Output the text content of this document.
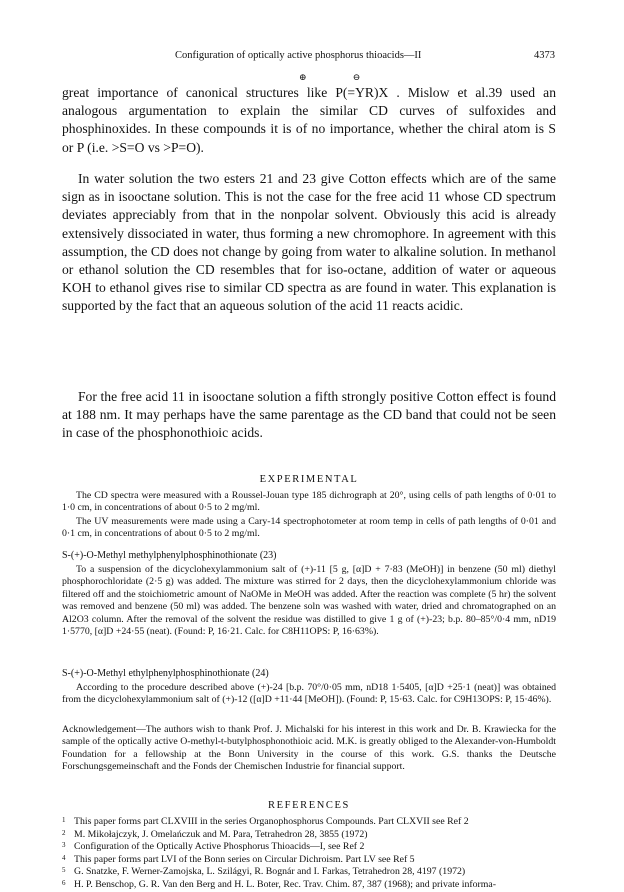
Configuration of optically active phosphorus thioacids—II	4373
⊕ ⊖
great importance of canonical structures like P(=YR)X . Mislow et al.39 used an analogous argumentation to explain the similar CD curves of sulfoxides and phosphinoxides. In these compounds it is of no importance, whether the chiral atom is S or P (i.e. >S=O vs >P=O).
In water solution the two esters 21 and 23 give Cotton effects which are of the same sign as in isooctane solution. This is not the case for the free acid 11 whose CD spectrum deviates appreciably from that in the nonpolar solvent. Obviously this acid is already extensively dissociated in water, thus forming a new chromophore. In agreement with this assumption, the CD does not change by going from water to alkaline solution. In methanol or ethanol solution the CD resembles that for iso-octane, addition of water or aqueous KOH to ethanol gives rise to similar CD spectra as are found in water. This explanation is supported by the fact that an aqueous solution of the acid 11 reacts acidic.
For the free acid 11 in isooctane solution a fifth strongly positive Cotton effect is found at 188 nm. It may perhaps have the same parentage as the CD band that could not be seen in case of the phosphonothioic acids.
EXPERIMENTAL
The CD spectra were measured with a Roussel-Jouan type 185 dichrograph at 20°, using cells of path lengths of 0·01 to 1·0 cm, in concentrations of about 0·5 to 2 mg/ml.
The UV measurements were made using a Cary-14 spectrophotometer at room temp in cells of path lengths of 0·01 and 0·1 cm, in concentrations of about 0·5 to 2 mg/ml.
S-(+)-O-Methyl methylphenylphosphinothionate (23)
To a suspension of the dicyclohexylammonium salt of (+)-11 [5 g, [α]D + 7·83 (MeOH)] in benzene (50 ml) diethyl phosphorochloridate (2·5 g) was added. The mixture was stirred for 2 days, then the dicyclohexylammonium chloride was filtered off and the stoichiometric amount of NaOMe in MeOH was added. After the reaction was complete (5 hr) the solvent was removed and benzene (50 ml) was added. The benzene soln was washed with water, dried and chromatographed on an Al2O3 column. After the removal of the solvent the residue was distilled to give 1 g of (+)-23; b.p. 80–85°/0·4 mm, nD19 1·5770, [α]D +24·55 (neat). (Found: P, 16·21. Calc. for C8H11OPS: P, 16·63%).
S-(+)-O-Methyl ethylphenylphosphinothionate (24)
According to the procedure described above (+)-24 [b.p. 70°/0·05 mm, nD18 1·5405, [α]D +25·1 (neat)] was obtained from the dicyclohexylammonium salt of (+)-12 ([α]D +11·44 [MeOH]). (Found: P, 15·63. Calc. for C9H13OPS: P, 15·46%).
Acknowledgement—The authors wish to thank Prof. J. Michalski for his interest in this work and Dr. B. Krawiecka for the sample of the optically active O-methyl-t-butylphosphonothioic acid. M.K. is greatly obliged to the Alexander-von-Humboldt Foundation for a fellowship at the Bonn University in the course of this work. G.S. thanks the Deutsche Forschungsgemeinschaft and the Fonds der Chemischen Industrie for financial support.
REFERENCES
1 This paper forms part CLXVIII in the series Organophosphorus Compounds. Part CLXVII see Ref 2
2 M. Mikołajczyk, J. Omelańczuk and M. Para, Tetrahedron 28, 3855 (1972)
3 Configuration of the Optically Active Phosphorus Thioacids—I, see Ref 2
4 This paper forms part LVI of the Bonn series on Circular Dichroism. Part LV see Ref 5
5 G. Snatzke, F. Werner-Zamojska, L. Szilágyi, R. Bognár and I. Farkas, Tetrahedron 28, 4197 (1972)
6 H. P. Benschop, G. R. Van den Berg and H. L. Boter, Rec. Trav. Chim. 87, 387 (1968); and private informa-
